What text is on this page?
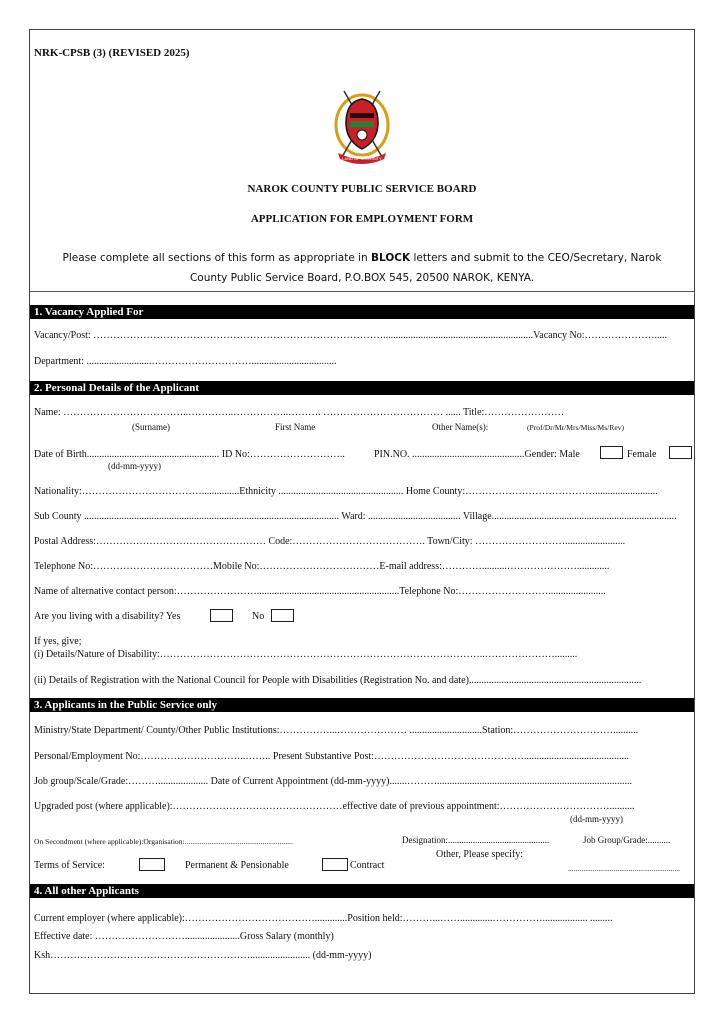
NRK-CPSB (3) (REVISED 2025)
LAND OF DIVERSITY
NAROK COUNTY PUBLIC SERVICE BOARD
APPLICATION FOR EMPLOYMENT FORM
Please complete all sections of this form as appropriate in BLOCK letters and submit to the CEO/Secretary, Narok County Public Service Board, P.O.BOX 545, 20500 NAROK, KENYA.
1. Vacancy Applied For
Vacancy/Post: ……………………………………………………………………………............................................................Vacancy No:………………….....
Department: ..........................…………………………..................................
2. Personal Details of the Applicant
Name: ………………………………..…………..……………..………. ……………………………… ...... Title:……………………
(Surname)	First Name	Other Name(s):	(Prof/Dr/Mr/Mrs/Miss/Ms/Rev)
Date of Birth..................................................... ID No:………………………..	PIN.NO. .............................................Gender: Male	Female
(dd-mm-yyyy)
Nationality:………………………………...............Ethnicity .................................................. Home County:………………………………….........................
Sub County ...................................................................................................... Ward: ..................................... Village..........................................................................
Postal Address:…………………………………………… Code:…………………………………. Town/City: ………………………........................
Telephone No:………………………………Mobile No:………………………………E-mail address:…………..........………………….............
Name of alternative contact person:…………………….........................................................Telephone No:……………………….......................
Are you living with a disability? Yes	No
If yes, give;
(i) Details/Nature of Disability:……………………………………………………………………………………..………………….........
(ii) Details of Registration with the National Council for People with Disabilities (Registration No. and date).....................................................................
3. Applicants in the Public Service only
Ministry/State Department/ County/Other Public Institutions:……………...………………… .............................Station:…………………………..........
Personal/Employment No:…………………………..…….. Present Substantive Post:………………………………………..........................................
Job group/Scale/Grade:……….................... Date of Current Appointment (dd-mm-yyyy).......………..............................................................................
Upgraded post (where applicable):……………………………………………effective date of previous appointment:……………………………..........
(dd-mm-yyyy)
On Secondment (where applicable):Organisation:.........................................................	Designation:.............................................	Job Group/Grade:..........
Other, Please specify:
Terms of Service:	Permanent & Pensionable	Contract	...........................................................
4. All other Applicants
Current employer (where applicable):………………………………….............Position held:………...…….............…………….................. .........
Effective date: ………………………......................Gross Salary (monthly)
Ksh……………………………………………………........................ (dd-mm-yyyy)
